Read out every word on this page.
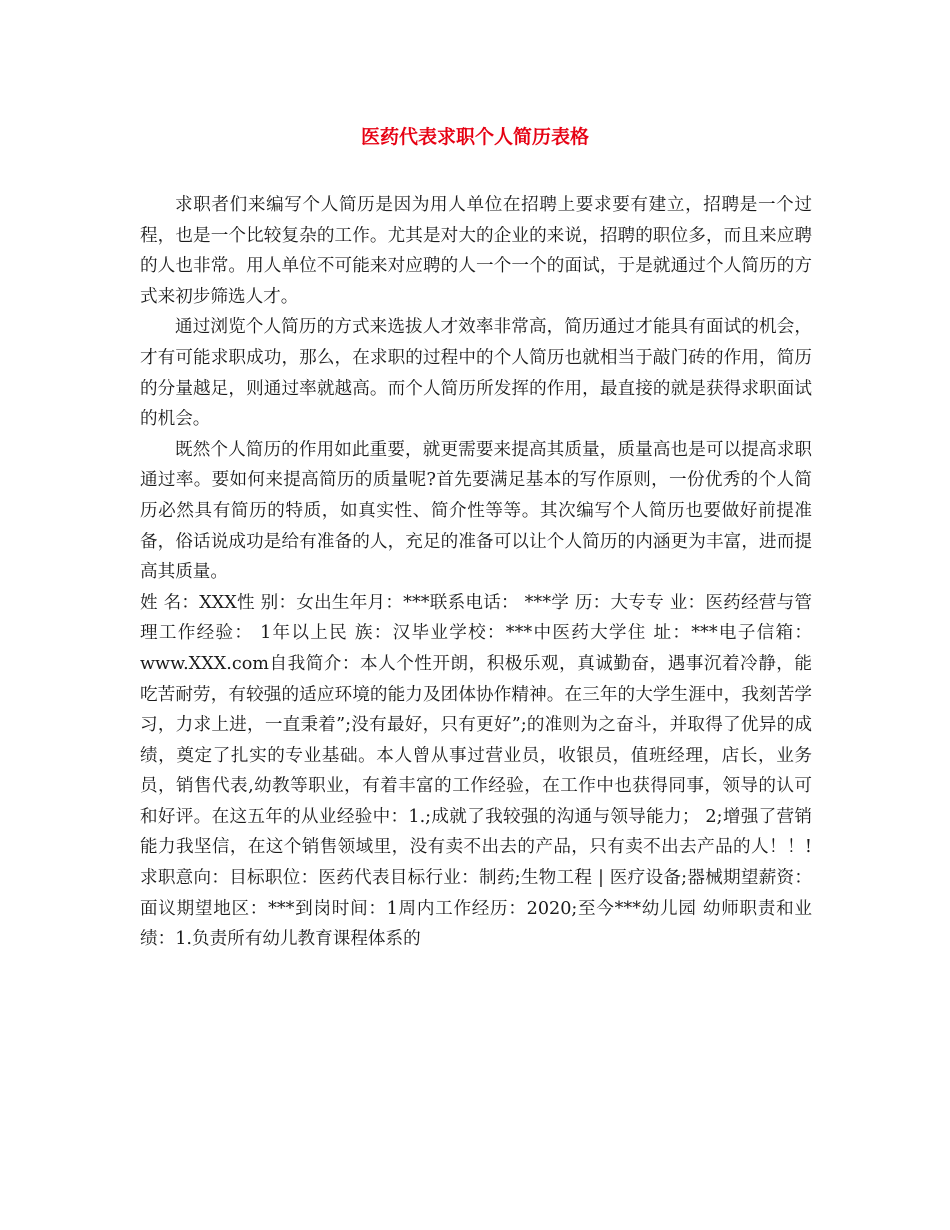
医药代表求职个人简历表格

求职者们来编写个人简历是因为用人单位在招聘上要求要有建立，招聘是一个过程，也是一个比较复杂的工作。尤其是对大的企业的来说，招聘的职位多，而且来应聘的人也非常。用人单位不可能来对应聘的人一个一个的面试，于是就通过个人简历的方式来初步筛选人才。

通过浏览个人简历的方式来选拔人才效率非常高，简历通过才能具有面试的机会，才有可能求职成功，那么，在求职的过程中的个人简历也就相当于敲门砖的作用，简历的分量越足，则通过率就越高。而个人简历所发挥的作用，最直接的就是获得求职面试的机会。

既然个人简历的作用如此重要，就更需要来提高其质量，质量高也是可以提高求职通过率。要如何来提高简历的质量呢?首先要满足基本的写作原则，一份优秀的个人简历必然具有简历的特质，如真实性、简介性等等。其次编写个人简历也要做好前提准备，俗话说成功是给有准备的人，充足的准备可以让个人简历的内涵更为丰富，进而提高其质量。

姓 名：XXX性 别：女出生年月：***联系电话： ***学 历：大专专 业：医药经营与管理工作经验： 1年以上民 族：汉毕业学校：***中医药大学住 址：***电子信箱：www.XXX.com自我简介：本人个性开朗，积极乐观，真诚勤奋，遇事沉着冷静，能吃苦耐劳，有较强的适应环境的能力及团体协作精神。在三年的大学生涯中，我刻苦学习，力求上进，一直秉着”;没有最好，只有更好”;的准则为之奋斗，并取得了优异的成绩，奠定了扎实的专业基础。本人曾从事过营业员，收银员，值班经理，店长，业务员，销售代表,幼教等职业，有着丰富的工作经验，在工作中也获得同事，领导的认可和好评。在这五年的从业经验中：1.;成就了我较强的沟通与领导能力； 2;增强了营销能力我坚信，在这个销售领域里，没有卖不出去的产品，只有卖不出去产品的人！！!求职意向：目标职位：医药代表目标行业：制药;生物工程 | 医疗设备;器械期望薪资：面议期望地区：***到岗时间：1周内工作经历：2020;至今***幼儿园 幼师职责和业绩：1.负责所有幼儿教育课程体系的
